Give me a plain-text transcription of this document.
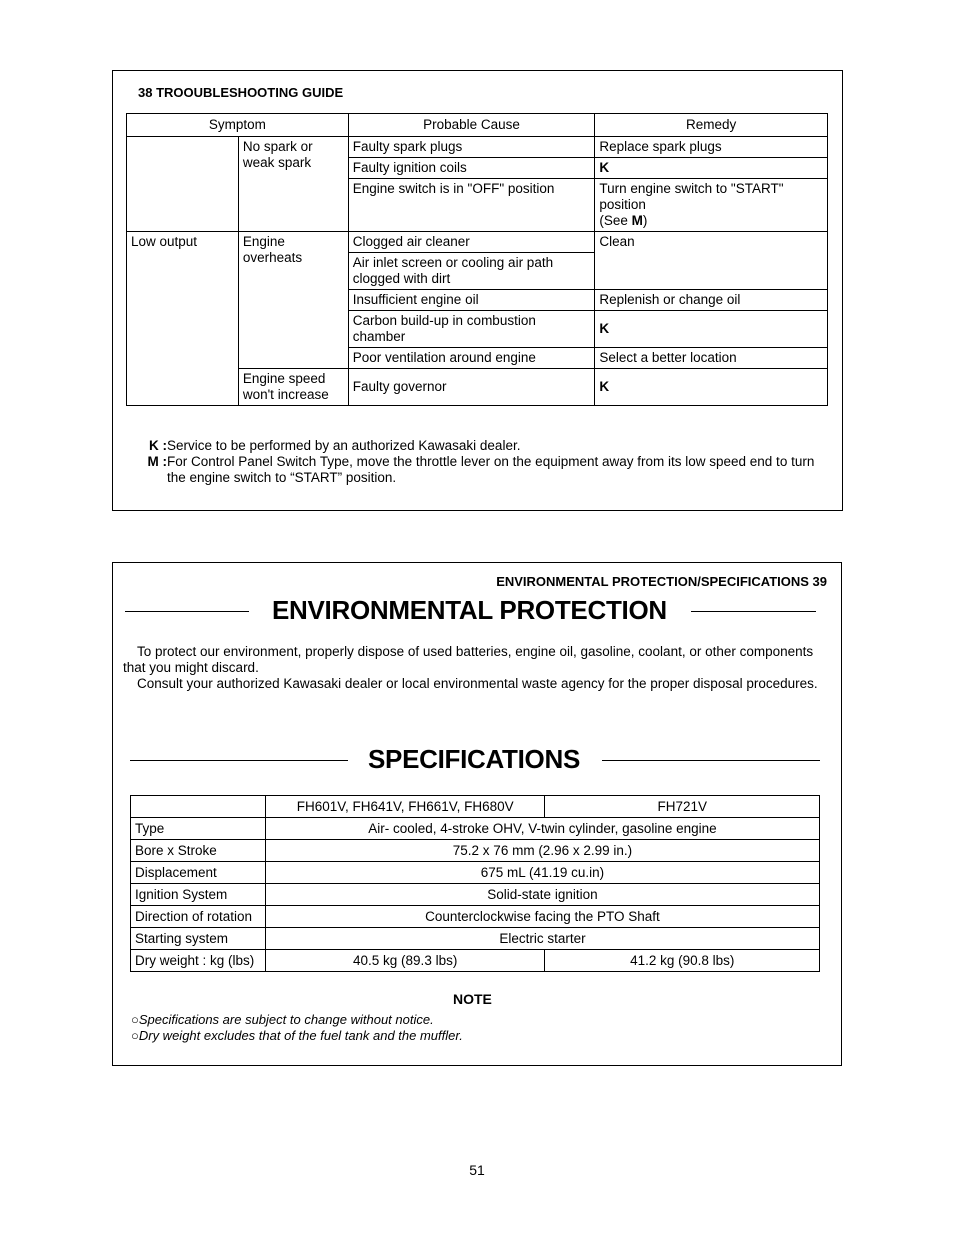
38 TROOUBLESHOOTING GUIDE
Symptom		Probable Cause	Remedy
	No spark or weak spark	Faulty spark plugs	Replace spark plugs
		Faulty ignition coils	K
		Engine switch is in "OFF" position	Turn engine switch to "START" position
(See M)
Low output	Engine overheats	Clogged air cleaner	Clean
		Air inlet screen or cooling air path clogged with dirt	
		Insufficient engine oil	Replenish or change oil
		Carbon build-up in combustion chamber	K
		Poor ventilation around engine	Select a better location
	Engine speed won't increase	Faulty governor	K
K : Service to be performed by an authorized Kawasaki dealer.
M : For Control Panel Switch Type, move the throttle lever on the equipment away from its low speed end to turn the engine switch to “START” position.
ENVIRONMENTAL PROTECTION/SPECIFICATIONS 39
ENVIRONMENTAL PROTECTION
To protect our environment, properly dispose of used batteries, engine oil, gasoline, coolant, or other components that you might discard.
Consult your authorized Kawasaki dealer or local environmental waste agency for the proper disposal procedures.
SPECIFICATIONS
	FH601V, FH641V, FH661V, FH680V	FH721V
Type	Air- cooled, 4-stroke OHV, V-twin cylinder, gasoline engine	
Bore x Stroke	75.2 x 76 mm (2.96 x 2.99 in.)	
Displacement	675 mL (41.19 cu.in)	
Ignition System	Solid-state ignition	
Direction of rotation	Counterclockwise facing the PTO Shaft	
Starting system	Electric starter	
Dry weight : kg (lbs)	40.5 kg (89.3 lbs)	41.2 kg (90.8 lbs)
NOTE
○Specifications are subject to change without notice.
○Dry weight excludes that of the fuel tank and the muffler.
51
